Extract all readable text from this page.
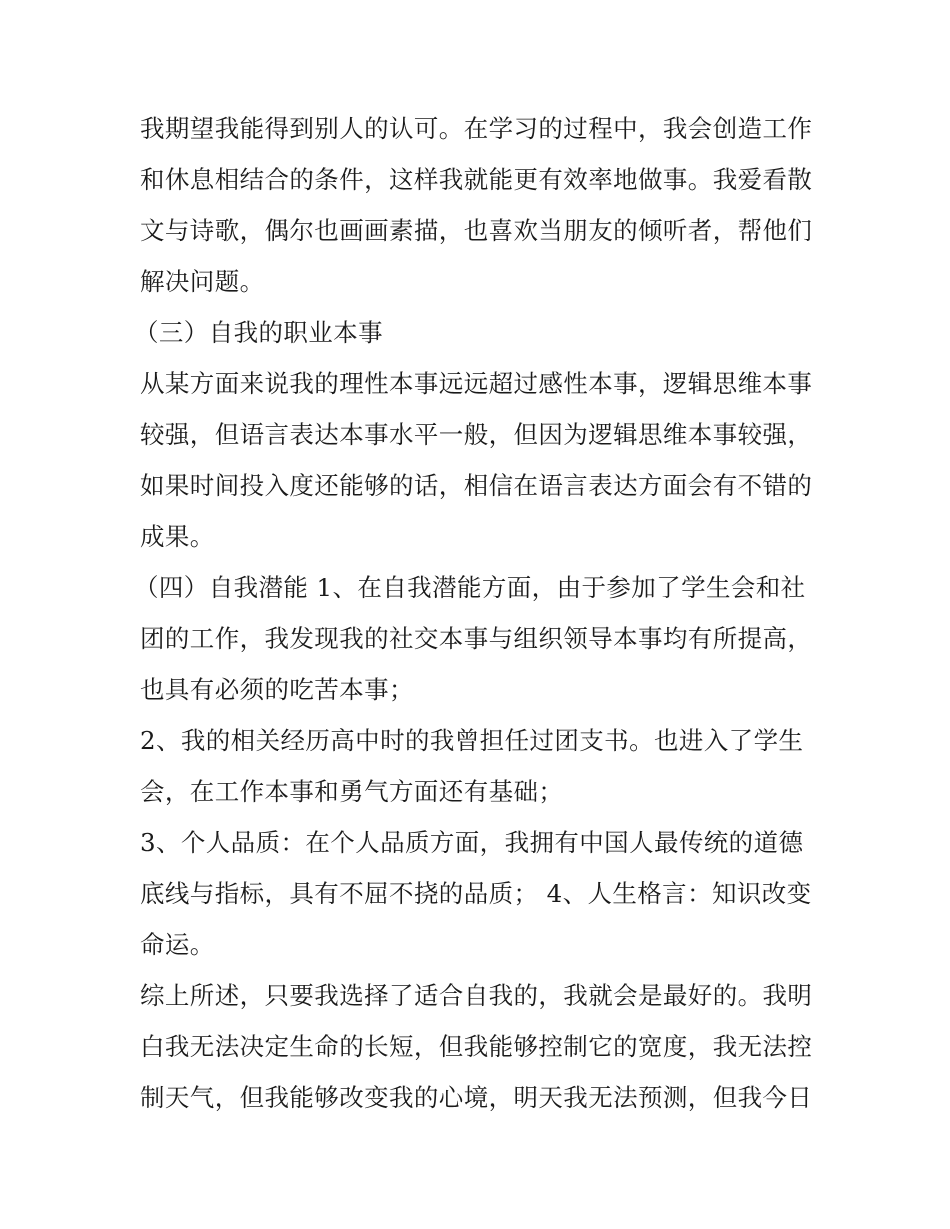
我期望我能得到别人的认可。在学习的过程中，我会创造工作
和休息相结合的条件，这样我就能更有效率地做事。我爱看散
文与诗歌，偶尔也画画素描，也喜欢当朋友的倾听者，帮他们
解决问题。
（三）自我的职业本事
从某方面来说我的理性本事远远超过感性本事，逻辑思维本事
较强，但语言表达本事水平一般，但因为逻辑思维本事较强，
如果时间投入度还能够的话，相信在语言表达方面会有不错的
成果。
（四）自我潜能 1、在自我潜能方面，由于参加了学生会和社
团的工作，我发现我的社交本事与组织领导本事均有所提高，
也具有必须的吃苦本事；
2、我的相关经历高中时的我曾担任过团支书。也进入了学生
会，在工作本事和勇气方面还有基础；
3、个人品质：在个人品质方面，我拥有中国人最传统的道德
底线与指标，具有不屈不挠的品质； 4、人生格言：知识改变
命运。
综上所述，只要我选择了适合自我的，我就会是最好的。我明
白我无法决定生命的长短，但我能够控制它的宽度，我无法控
制天气，但我能够改变我的心境，明天我无法预测，但我今日
